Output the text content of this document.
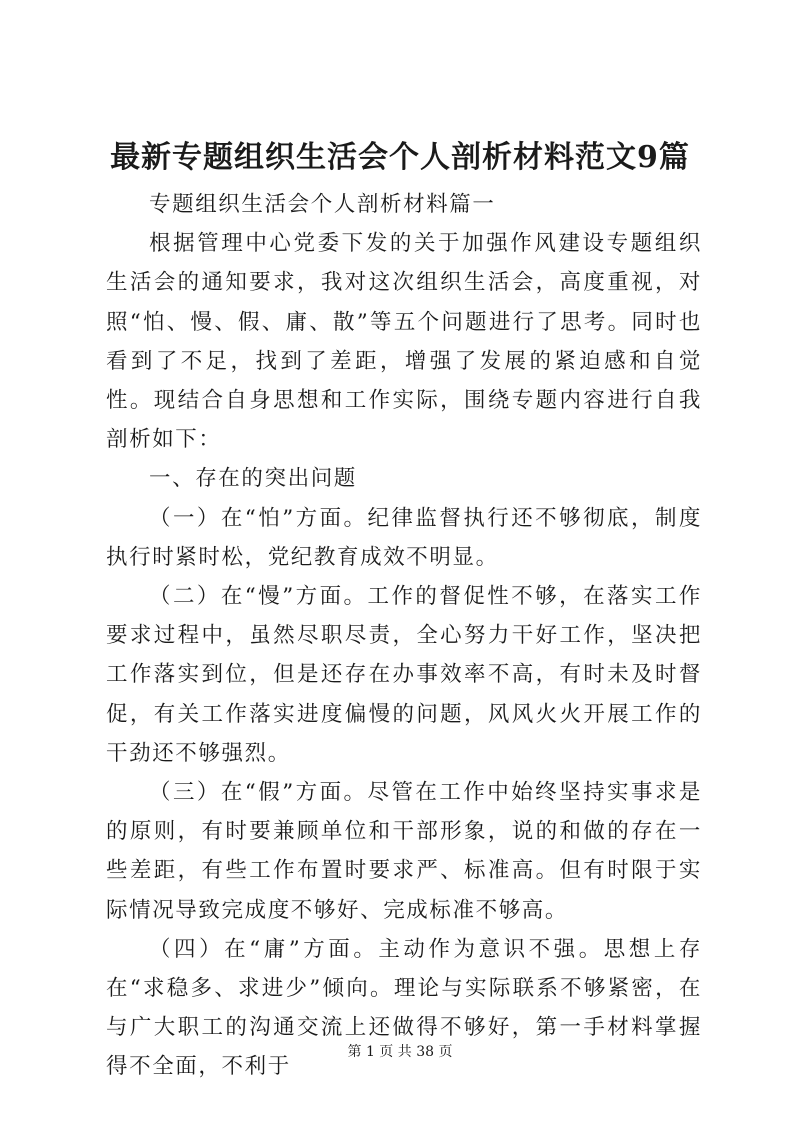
最新专题组织生活会个人剖析材料范文9篇

专题组织生活会个人剖析材料篇一

根据管理中心党委下发的关于加强作风建设专题组织生活会的通知要求，我对这次组织生活会，高度重视，对照“怕、慢、假、庸、散”等五个问题进行了思考。同时也看到了不足，找到了差距，增强了发展的紧迫感和自觉性。现结合自身思想和工作实际，围绕专题内容进行自我剖析如下：

一、存在的突出问题

（一）在“怕”方面。纪律监督执行还不够彻底，制度执行时紧时松，党纪教育成效不明显。

（二）在“慢”方面。工作的督促性不够，在落实工作要求过程中，虽然尽职尽责，全心努力干好工作，坚决把工作落实到位，但是还存在办事效率不高，有时未及时督促，有关工作落实进度偏慢的问题，风风火火开展工作的干劲还不够强烈。

（三）在“假”方面。尽管在工作中始终坚持实事求是的原则，有时要兼顾单位和干部形象，说的和做的存在一些差距，有些工作布置时要求严、标准高。但有时限于实际情况导致完成度不够好、完成标准不够高。

（四）在“庸”方面。主动作为意识不强。思想上存在“求稳多、求进少”倾向。理论与实际联系不够紧密，在与广大职工的沟通交流上还做得不够好，第一手材料掌握得不全面，不利于

第 1 页 共 38 页
